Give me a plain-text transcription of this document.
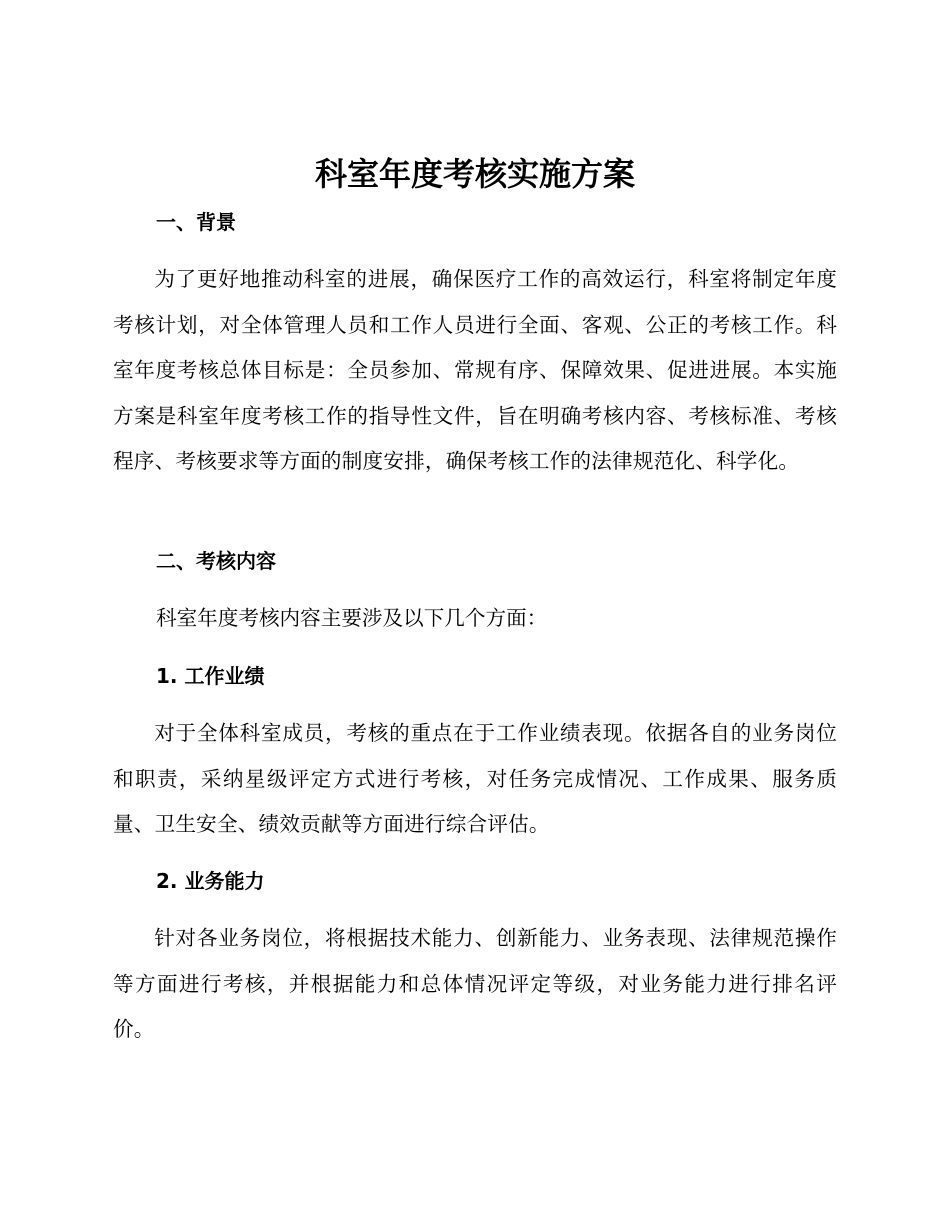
科室年度考核实施方案
一、背景

为了更好地推动科室的进展，确保医疗工作的高效运行，科室将制定年度考核计划，对全体管理人员和工作人员进行全面、客观、公正的考核工作。科室年度考核总体目标是：全员参加、常规有序、保障效果、促进进展。本实施方案是科室年度考核工作的指导性文件，旨在明确考核内容、考核标准、考核程序、考核要求等方面的制度安排，确保考核工作的法律规范化、科学化。

二、考核内容

科室年度考核内容主要涉及以下几个方面：

1. 工作业绩

对于全体科室成员，考核的重点在于工作业绩表现。依据各自的业务岗位和职责，采纳星级评定方式进行考核，对任务完成情况、工作成果、服务质量、卫生安全、绩效贡献等方面进行综合评估。

2. 业务能力

针对各业务岗位，将根据技术能力、创新能力、业务表现、法律规范操作等方面进行考核，并根据能力和总体情况评定等级，对业务能力进行排名评价。
